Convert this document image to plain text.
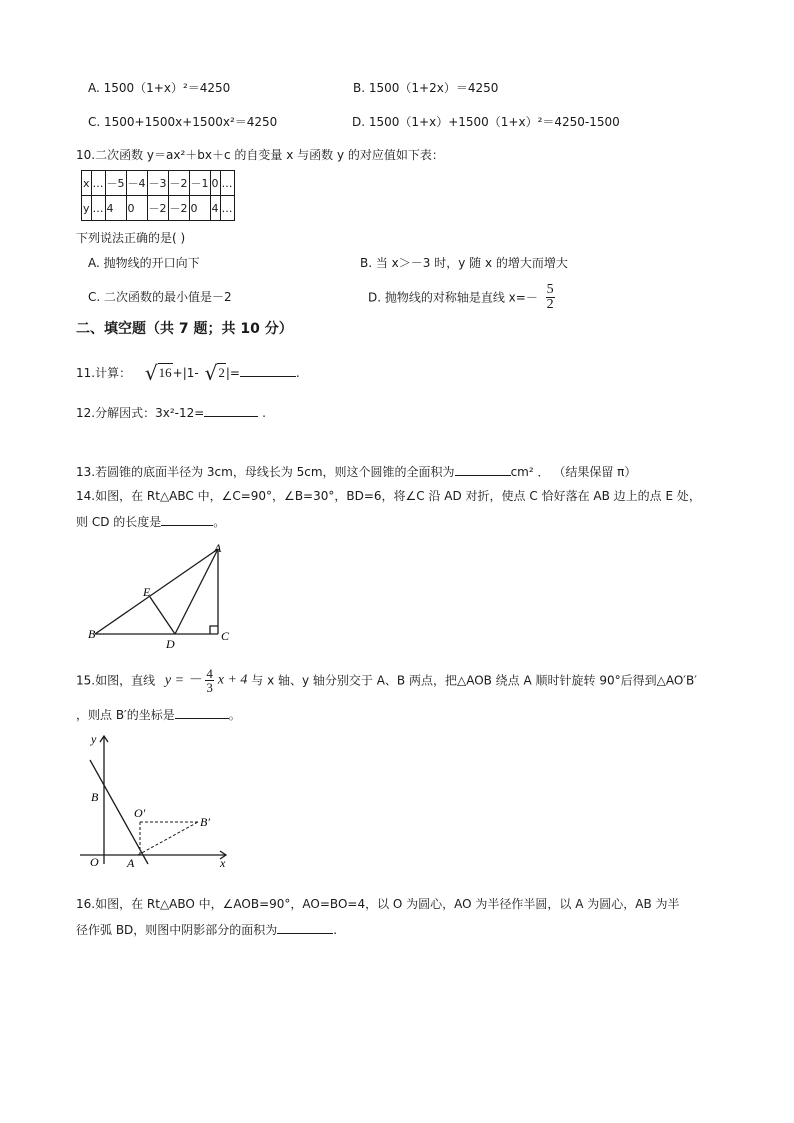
A. 1500（1+x）²＝4250	B. 1500（1+2x）＝4250
C. 1500+1500x+1500x²＝4250	D. 1500（1+x）+1500（1+x）²＝4250-1500
10.二次函数 y＝ax²＋bx＋c 的自变量 x 与函数 y 的对应值如下表：
x	…	－5	－4	－3	－2	－1	0	…
y	…	4	0	－2	－2	0	4	…
下列说法正确的是( )
A. 抛物线的开口向下	B. 当 x＞－3 时，y 随 x 的增大而增大
C. 二次函数的最小值是－2	D. 抛物线的对称轴是直线 $x=- \frac{5}{2}$
二、填空题（共 7 题；共 10 分）
11.计算： √16+|1- √2|=	.
12.分解因式：3x²-12=	.
13.若圆锥的底面半径为 3cm，母线长为 5cm，则这个圆锥的全面积为	cm² ． （结果保留 π）
14.如图，在 Rt△ABC 中，∠C=90°，∠B=30°，BD=6，将∠C 沿 AD 对折，使点 C 恰好落在 AB 边上的点 E 处，
则 CD 的长度是	。
A
B	C
D
E
15.如图，直线 y = － $\frac{4}{3}$ x + 4 与 x 轴、y 轴分别交于 A、B 两点，把△AOB 绕点 A 顺时针旋转 90°后得到△AO′B′
，则点 B′的坐标是	。
y
x
O A
B
O′
B′
16.如图，在 Rt△ABO 中，∠AOB=90°，AO=BO=4，以 O 为圆心，AO 为半径作半圆，以 A 为圆心，AB 为半
径作弧 BD，则图中阴影部分的面积为	.
